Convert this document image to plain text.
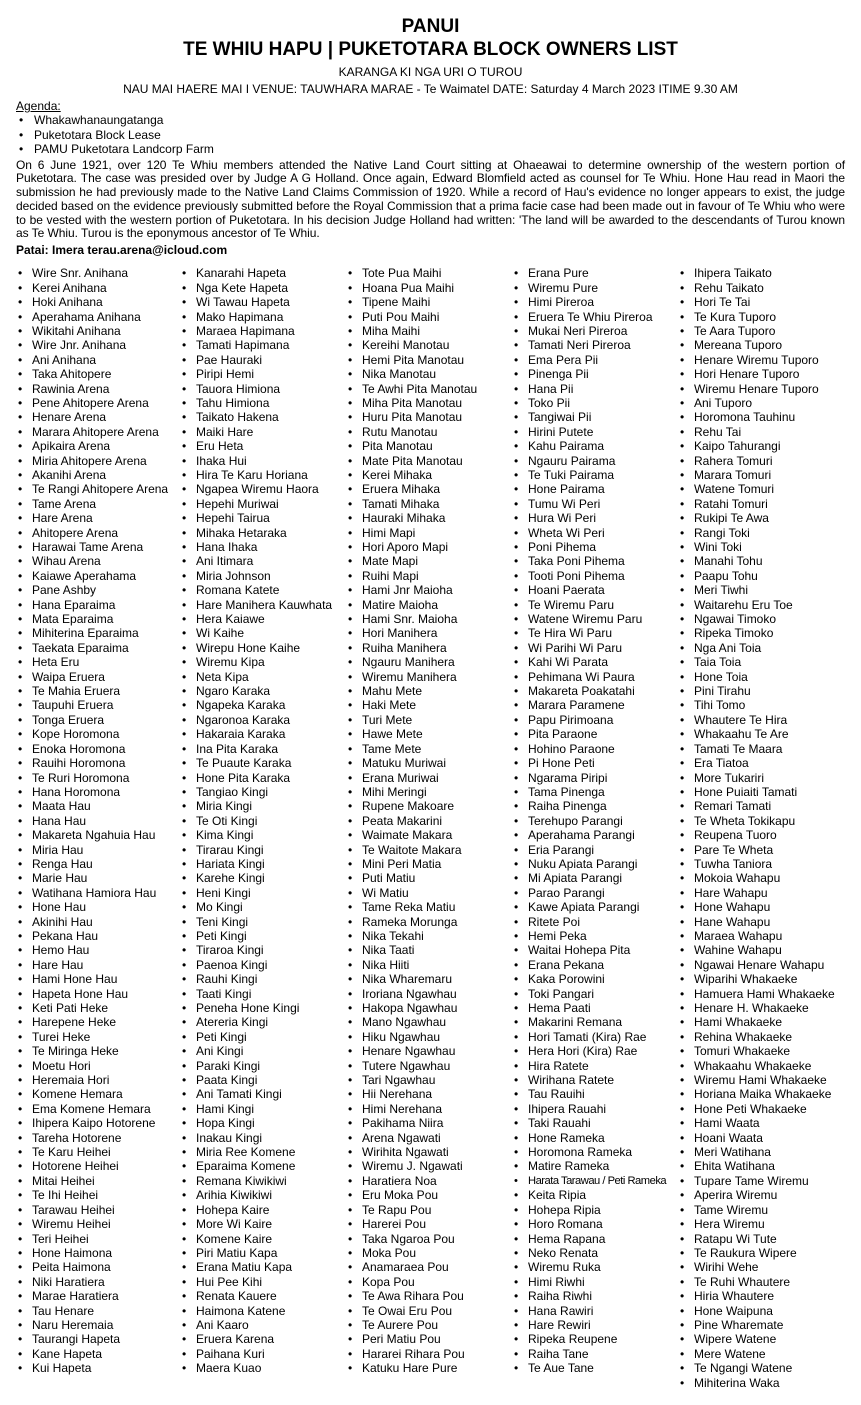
PANUI
TE WHIU HAPU | PUKETOTARA BLOCK OWNERS LIST
KARANGA KI NGA URI O TUROU
NAU MAI HAERE MAI I VENUE: TAUWHARA MARAE - Te Waimatel DATE: Saturday 4 March 2023 ITIME 9.30 AM
Agenda:
• Whakawhanaungatanga
• Puketotara Block Lease
• PAMU Puketotara Landcorp Farm

On 6 June 1921, over 120 Te Whiu members attended the Native Land Court sitting at Ohaeawai to determine ownership of the western portion of Puketotara. The case was presided over by Judge A G Holland. Once again, Edward Blomfield acted as counsel for Te Whiu. Hone Hau read in Maori the submission he had previously made to the Native Land Claims Commission of 1920. While a record of Hau's evidence no longer appears to exist, the judge decided based on the evidence previously submitted before the Royal Commission that a prima facie case had been made out in favour of Te Whiu who were to be vested with the western portion of Puketotara. In his decision Judge Holland had written: 'The land will be awarded to the descendants of Turou known as Te Whiu. Turou is the eponymous ancestor of Te Whiu.

Patai: Imera terau.arena@icloud.com
• Wire Snr. Anihana
• Kerei Anihana
• Hoki Anihana
• Aperahama Anihana
• Wikitahi Anihana
• Wire Jnr. Anihana
• Ani Anihana
• Taka Ahitopere
• Rawinia Arena
• Pene Ahitopere Arena
• Henare Arena
• Marara Ahitopere Arena
• Apikaira Arena
• Miria Ahitopere Arena
• Akanihi Arena
• Te Rangi Ahitopere Arena
• Tame Arena
• Hare Arena
• Ahitopere Arena
• Harawai Tame Arena
• Wihau Arena
• Kaiawe Aperahama
• Pane Ashby
• Hana Eparaima
• Mata Eparaima
• Mihiterina Eparaima
• Taekata Eparaima
• Heta Eru
• Waipa Eruera
• Te Mahia Eruera
• Taupuhi Eruera
• Tonga Eruera
• Kope Horomona
• Enoka Horomona
• Rauihi Horomona
• Te Ruri Horomona
• Hana Horomona
• Maata Hau
• Hana Hau
• Makareta Ngahuia Hau
• Miria Hau
• Renga Hau
• Marie Hau
• Watihana Hamiora Hau
• Hone Hau
• Akinihi Hau
• Pekana Hau
• Hemo Hau
• Hare Hau
• Hami Hone Hau
• Hapeta Hone Hau
• Keti Pati Heke
• Harepene Heke
• Turei Heke
• Te Miringa Heke
• Moetu Hori
• Heremaia Hori
• Komene Hemara
• Ema Komene Hemara
• Ihipera Kaipo Hotorene
• Tareha Hotorene
• Te Karu Heihei
• Hotorene Heihei
• Mitai Heihei
• Te Ihi Heihei
• Tarawau Heihei
• Wiremu Heihei
• Teri Heihei
• Hone Haimona
• Peita Haimona
• Niki Haratiera
• Marae Haratiera
• Tau Henare
• Naru Heremaia
• Taurangi Hapeta
• Kane Hapeta
• Kui Hapeta
• Kanarahi Hapeta
• Nga Kete Hapeta
• Wi Tawau Hapeta
• Mako Hapimana
• Maraea Hapimana
• Tamati Hapimana
• Pae Hauraki
• Piripi Hemi
• Tauora Himiona
• Tahu Himiona
• Taikato Hakena
• Maiki Hare
• Eru Heta
• Ihaka Hui
• Hira Te Karu Horiana
• Ngapea Wiremu Haora
• Hepehi Muriwai
• Hepehi Tairua
• Mihaka Hetaraka
• Hana Ihaka
• Ani Itimara
• Miria Johnson
• Romana Katete
• Hare Manihera Kauwhata
• Hera Kaiawe
• Wi Kaihe
• Wirepu Hone Kaihe
• Wiremu Kipa
• Neta Kipa
• Ngaro Karaka
• Ngapeka Karaka
• Ngaronoa Karaka
• Hakaraia Karaka
• Ina Pita Karaka
• Te Puaute Karaka
• Hone Pita Karaka
• Tangiao Kingi
• Miria Kingi
• Te Oti Kingi
• Kima Kingi
• Tirarau Kingi
• Hariata Kingi
• Karehe Kingi
• Heni Kingi
• Mo Kingi
• Teni Kingi
• Peti Kingi
• Tiraroa Kingi
• Paenoa Kingi
• Rauhi Kingi
• Taati Kingi
• Peneha Hone Kingi
• Atereria Kingi
• Peti Kingi
• Ani Kingi
• Paraki Kingi
• Paata Kingi
• Ani Tamati Kingi
• Hami Kingi
• Hopa Kingi
• Inakau Kingi
• Miria Ree Komene
• Eparaima Komene
• Remana Kiwikiwi
• Arihia Kiwikiwi
• Hohepa Kaire
• More Wi Kaire
• Komene Kaire
• Piri Matiu Kapa
• Erana Matiu Kapa
• Hui Pee Kihi
• Renata Kauere
• Haimona Katene
• Ani Kaaro
• Eruera Karena
• Paihana Kuri
• Maera Kuao
• Tote Pua Maihi
• Hoana Pua Maihi
• Tipene Maihi
• Puti Pou Maihi
• Miha Maihi
• Kereihi Manotau
• Hemi Pita Manotau
• Nika Manotau
• Te Awhi Pita Manotau
• Miha Pita Manotau
• Huru Pita Manotau
• Rutu Manotau
• Pita Manotau
• Mate Pita Manotau
• Kerei Mihaka
• Eruera Mihaka
• Tamati Mihaka
• Hauraki Mihaka
• Himi Mapi
• Hori Aporo Mapi
• Mate Mapi
• Ruihi Mapi
• Hami Jnr Maioha
• Matire Maioha
• Hami Snr. Maioha
• Hori Manihera
• Ruiha Manihera
• Ngauru Manihera
• Wiremu Manihera
• Mahu Mete
• Haki Mete
• Turi Mete
• Hawe Mete
• Tame Mete
• Matuku Muriwai
• Erana Muriwai
• Mihi Meringi
• Rupene Makoare
• Peata Makarini
• Waimate Makara
• Te Waitote Makara
• Mini Peri Matia
• Puti Matiu
• Wi Matiu
• Tame Reka Matiu
• Rameka Morunga
• Nika Tekahi
• Nika Taati
• Nika Hiiti
• Nika Wharemaru
• Iroriana Ngawhau
• Hakopa Ngawhau
• Mano Ngawhau
• Hiku Ngawhau
• Henare Ngawhau
• Tutere Ngawhau
• Tari Ngawhau
• Hii Nerehana
• Himi Nerehana
• Pakihama Niira
• Arena Ngawati
• Wirihita Ngawati
• Wiremu J. Ngawati
• Haratiera Noa
• Eru Moka Pou
• Te Rapu Pou
• Harerei Pou
• Taka Ngaroa Pou
• Moka Pou
• Anamaraea Pou
• Kopa Pou
• Te Awa Rihara Pou
• Te Owai Eru Pou
• Te Aurere Pou
• Peri Matiu Pou
• Hararei Rihara Pou
• Katuku Hare Pure
• Erana Pure
• Wiremu Pure
• Himi Pireroa
• Eruera Te Whiu Pireroa
• Mukai Neri Pireroa
• Tamati Neri Pireroa
• Ema Pera Pii
• Pinenga Pii
• Hana Pii
• Toko Pii
• Tangiwai Pii
• Hirini Putete
• Kahu Pairama
• Ngauru Pairama
• Te Tuki Pairama
• Hone Pairama
• Tumu Wi Peri
• Hura Wi Peri
• Wheta Wi Peri
• Poni Pihema
• Taka Poni Pihema
• Tooti Poni Pihema
• Hoani Paerata
• Te Wiremu Paru
• Watene Wiremu Paru
• Te Hira Wi Paru
• Wi Parihi Wi Paru
• Kahi Wi Parata
• Pehimana Wi Paura
• Makareta Poakatahi
• Marara Paramene
• Papu Pirimoana
• Pita Paraone
• Hohino Paraone
• Pi Hone Peti
• Ngarama Piripi
• Tama Pinenga
• Raiha Pinenga
• Terehupo Parangi
• Aperahama Parangi
• Eria Parangi
• Nuku Apiata Parangi
• Mi Apiata Parangi
• Parao Parangi
• Kawe Apiata Parangi
• Ritete Poi
• Hemi Peka
• Waitai Hohepa Pita
• Erana Pekana
• Kaka Porowini
• Toki Pangari
• Hema Paati
• Makarini Remana
• Hori Tamati (Kira) Rae
• Hera Hori (Kira) Rae
• Hira Ratete
• Wirihana Ratete
• Tau Rauihi
• Ihipera Rauahi
• Taki Rauahi
• Hone Rameka
• Horomona Rameka
• Matire Rameka
• Harata Tarawau / Peti Rameka
• Keita Ripia
• Hohepa Ripia
• Horo Romana
• Hema Rapana
• Neko Renata
• Wiremu Ruka
• Himi Riwhi
• Raiha Riwhi
• Hana Rawiri
• Hare Rewiri
• Ripeka Reupene
• Raiha Tane
• Te Aue Tane
• Ihipera Taikato
• Rehu Taikato
• Hori Te Tai
• Te Kura Tuporo
• Te Aara Tuporo
• Mereana Tuporo
• Henare Wiremu Tuporo
• Hori Henare Tuporo
• Wiremu Henare Tuporo
• Ani Tuporo
• Horomona Tauhinu
• Rehu Tai
• Kaipo Tahurangi
• Rahera Tomuri
• Marara Tomuri
• Watene Tomuri
• Ratahi Tomuri
• Rukipi Te Awa
• Rangi Toki
• Wini Toki
• Manahi Tohu
• Paapu Tohu
• Meri Tiwhi
• Waitarehu Eru Toe
• Ngawai Timoko
• Ripeka Timoko
• Nga Ani Toia
• Taia Toia
• Hone Toia
• Pini Tirahu
• Tihi Tomo
• Whautere Te Hira
• Whakaahu Te Are
• Tamati Te Maara
• Era Tiatoa
• More Tukariri
• Hone Puiaiti Tamati
• Remari Tamati
• Te Wheta Tokikapu
• Reupena Tuoro
• Pare Te Wheta
• Tuwha Taniora
• Mokoia Wahapu
• Hare Wahapu
• Hone Wahapu
• Hane Wahapu
• Maraea Wahapu
• Wahine Wahapu
• Ngawai Henare Wahapu
• Wiparihi Whakaeke
• Hamuera Hami Whakaeke
• Henare H. Whakaeke
• Hami Whakaeke
• Rehina Whakaeke
• Tomuri Whakaeke
• Whakaahu Whakaeke
• Wiremu Hami Whakaeke
• Horiana Maika Whakaeke
• Hone Peti Whakaeke
• Hami Waata
• Hoani Waata
• Meri Watihana
• Ehita Watihana
• Tupare Tame Wiremu
• Aperira Wiremu
• Tame Wiremu
• Hera Wiremu
• Ratapu Wi Tute
• Te Raukura Wipere
• Wirihi Wehe
• Te Ruhi Whautere
• Hiria Whautere
• Hone Waipuna
• Pine Wharemate
• Wipere Watene
• Mere Watene
• Te Ngangi Watene
• Mihiterina Waka
